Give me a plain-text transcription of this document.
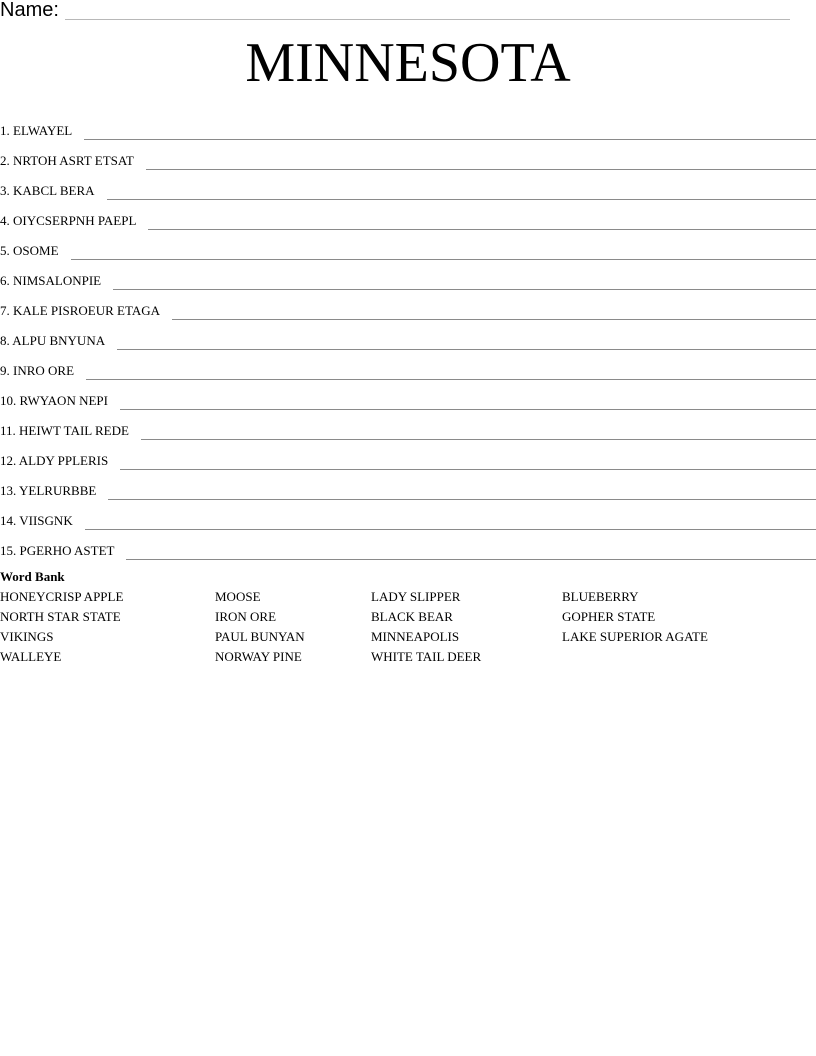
Name:
MINNESOTA
1. ELWAYEL
2. NRTOH ASRT ETSAT
3. KABCL BERA
4. OIYCSERPNH PAEPL
5. OSOME
6. NIMSALONPIE
7. KALE PISROEUR ETAGA
8. ALPU BNYUNA
9. INRO ORE
10. RWYAON NEPI
11. HEIWT TAIL REDE
12. ALDY PPLERIS
13. YELRURBBE
14. VIISGNK
15. PGERHO ASTET
Word Bank
HONEYCRISP APPLE
NORTH STAR STATE
VIKINGS
WALLEYE
MOOSE
IRON ORE
PAUL BUNYAN
NORWAY PINE
LADY SLIPPER
BLACK BEAR
MINNEAPOLIS
WHITE TAIL DEER
BLUEBERRY
GOPHER STATE
LAKE SUPERIOR AGATE
